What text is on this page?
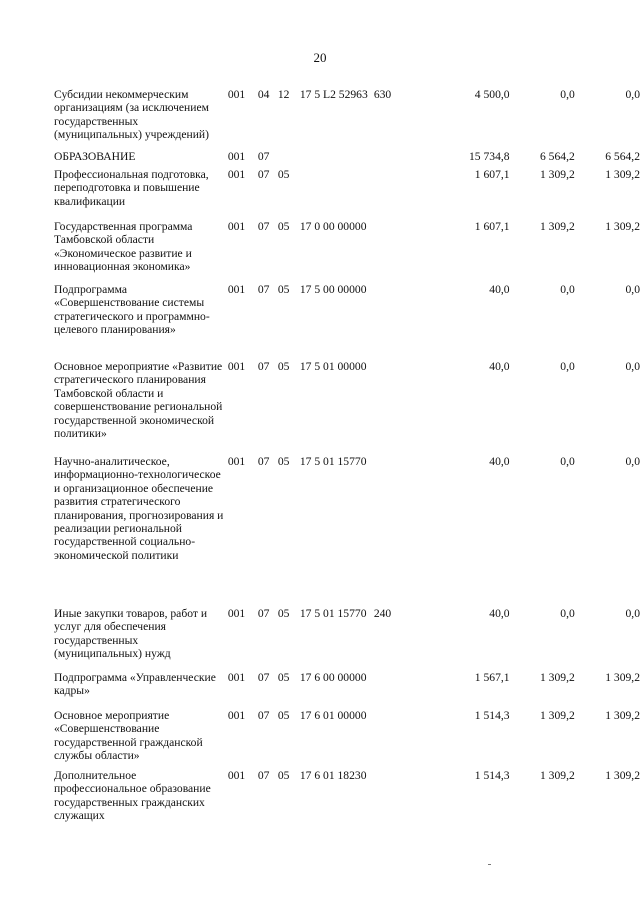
20
Субсидии некоммерческим организациям (за исключением государственных (муниципальных) учреждений)	001 04 12 17 5 L2 52963 630	4 500,0	0,0	0,0
ОБРАЗОВАНИЕ	001 07	15 734,8	6 564,2	6 564,2
Профессиональная подготовка, переподготовка и повышение квалификации	001 07 05	1 607,1	1 309,2	1 309,2
Государственная программа Тамбовской области «Экономическое развитие и инновационная экономика»	001 07 05 17 0 00 00000	1 607,1	1 309,2	1 309,2
Подпрограмма «Совершенствование системы стратегического и программно-целевого планирования»	001 07 05 17 5 00 00000	40,0	0,0	0,0
Основное мероприятие «Развитие стратегического планирования Тамбовской области и совершенствование региональной государственной экономической политики»	001 07 05 17 5 01 00000	40,0	0,0	0,0
Научно-аналитическое, информационно-технологическое и организационное обеспечение развития стратегического планирования, прогнозирования и реализации региональной государственной социально-экономической политики	001 07 05 17 5 01 15770	40,0	0,0	0,0
Иные закупки товаров, работ и услуг для обеспечения государственных (муниципальных) нужд	001 07 05 17 5 01 15770 240	40,0	0,0	0,0
Подпрограмма «Управленческие кадры»	001 07 05 17 6 00 00000	1 567,1	1 309,2	1 309,2
Основное мероприятие «Совершенствование государственной гражданской службы области»	001 07 05 17 6 01 00000	1 514,3	1 309,2	1 309,2
Дополнительное профессиональное образование государственных гражданских служащих	001 07 05 17 6 01 18230	1 514,3	1 309,2	1 309,2
